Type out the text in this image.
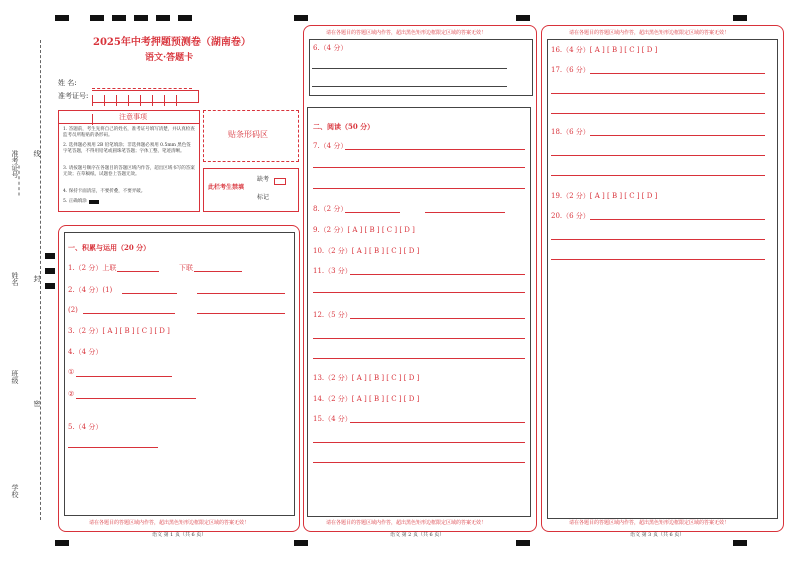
准考证号 线
姓名 封
班级
密
学校
2025年中考押题预测卷（湖南卷）
语文·答题卡
姓 名:
准考证号:
注意事项
1. 答题前，考生先将自己的姓名，准考证号填写清楚，并认真检查监考员所粘贴的条形码。
2. 选择题必须用 2B 铅笔填涂；非选择题必须用 0.5mm 黑色签字笔答题，不得用铅笔或圆珠笔答题；字体工整、笔迹清晰。
3. 请按题号顺序在各题目的答题区域内作答，超出区域书写的答案无效；在草稿纸、试题卷上答题无效。
4. 保持卡面清洁，不要折叠，不要弄破。
5. 正确填涂
贴条形码区
此栏考生禁填
缺考
标记
请在各题目的答题区域内作答，超出黑色矩形边框限定区域的答案无效！
一、积累与运用（20 分）
1.（2 分）上联	下联
2.（4 分）(1)
(2)
3.（2 分）[ A ] [ B ] [ C ] [ D ]
4.（4 分）
①
②
5.（4 分）
语文 第 1 页（共 6 页）
请在各题目的答题区域内作答，超出黑色矩形边框限定区域的答案无效！
请在各题目的答题区域内作答，超出黑色矩形边框限定区域的答案无效！
6.（4 分）
二、阅读（50 分）
7.（4 分）
8.（2 分）
9.（2 分）[ A ] [ B ] [ C ] [ D ]
10.（2 分）[ A ] [ B ] [ C ] [ D ]
11.（3 分）
12.（5 分）
13.（2 分）[ A ] [ B ] [ C ] [ D ]
14.（2 分）[ A ] [ B ] [ C ] [ D ]
15.（4 分）
语文 第 2 页（共 6 页）
请在各题目的答题区域内作答，超出黑色矩形边框限定区域的答案无效！
请在各题目的答题区域内作答，超出黑色矩形边框限定区域的答案无效！
16.（4 分）[ A ] [ B ] [ C ] [ D ]
17.（6 分）
18.（6 分）
19.（2 分）[ A ] [ B ] [ C ] [ D ]
20.（6 分）
语文 第 3 页（共 6 页）
